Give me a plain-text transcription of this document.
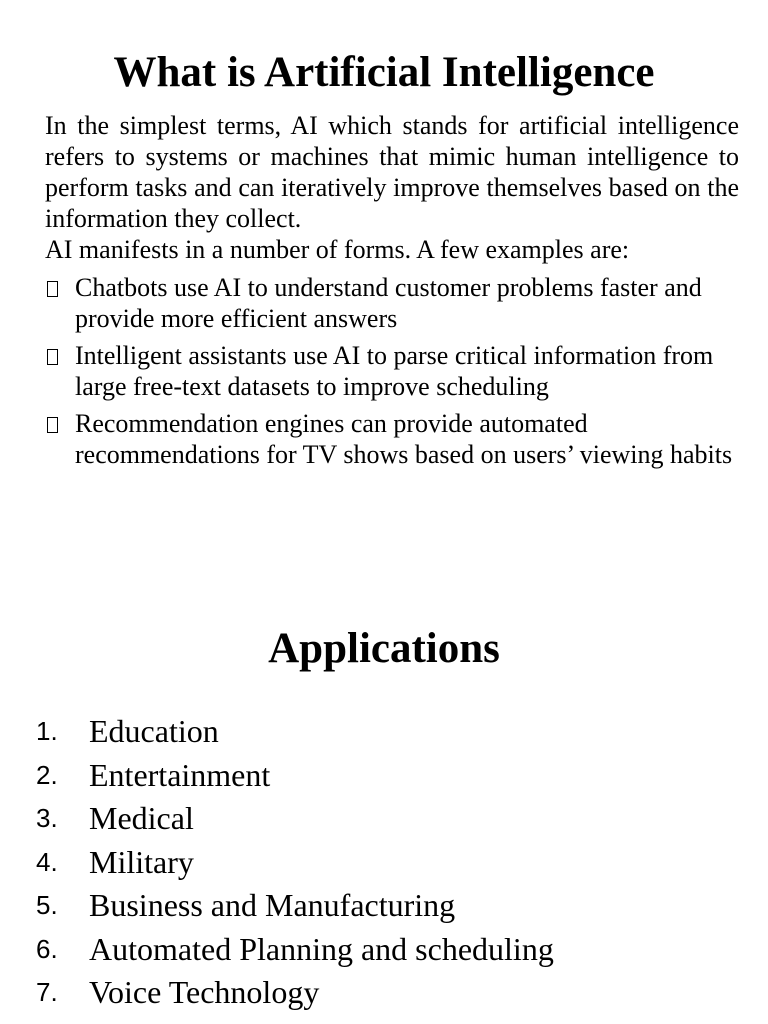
What is Artificial Intelligence

In the simplest terms, AI which stands for artificial intelligence refers to systems or machines that mimic human intelligence to perform tasks and can iteratively improve themselves based on the information they collect.

AI manifests in a number of forms. A few examples are:

Chatbots use AI to understand customer problems faster and provide more efficient answers
Intelligent assistants use AI to parse critical information from large free-text datasets to improve scheduling
Recommendation engines can provide automated recommendations for TV shows based on users’ viewing habits
Applications
1. Education
2. Entertainment
3. Medical
4. Military
5. Business and Manufacturing
6. Automated Planning and scheduling
7. Voice Technology
